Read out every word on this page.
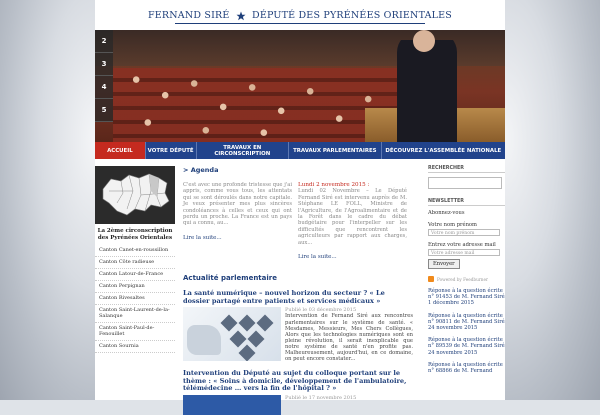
FERNAND SIRÉ DÉPUTÉ DES PYRÉNÉES ORIENTALES
2
3
4
5
ACCUEIL	VOTRE DÉPUTÉ	TRAVAUX EN CIRCONSCRIPTION	TRAVAUX PARLEMENTAIRES	DÉCOUVREZ L'ASSEMBLÉE NATIONALE
La 2ème circonscription des Pyrénées Orientales
Canton Canet-en-roussillon
Canton Côte radieuse
Canton Latour-de-France
Canton Perpignan
Canton Rivesaltes
Canton Saint-Laurent-de-la-Salanque
Canton Saint-Paul-de-Fenouillet
Canton Sournia
> Agenda
C'est avec une profonde tristesse que j'ai appris, comme vous tous, les attentats qui se sont déroulés dans notre capitale. Je veux présenter mes plus sincères condoléances à celles et ceux qui ont perdu un proche. La France est un pays qui a connu, au...
Lire la suite...
Lundi 2 novembre 2015 :
Lundi 02 Novembre – Le Député Fernand Siré est intervenu auprès de M. Stéphane LE FOLL, Ministre de l'Agriculture, de l'Agroalimentaire et de la Forêt dans le cadre du débat budgétaire pour l'interpeller sur les difficultés que rencontrent les agriculteurs par rapport aux charges, aux...
Lire la suite...
Actualité parlementaire
La santé numérique – nouvel horizon du secteur ? « Le dossier partagé entre patients et services médicaux »
Publié le 03 décembre 2015
Intervention de Fernand Siré aux rencontres parlementaires sur le système de santé. « Mesdames, Messieurs, Mes Chers Collègues, Alors que les technologies numériques sont en pleine révolution, il serait inexplicable que notre système de santé n'en profite pas. Malheureusement, aujourd'hui, en ce domaine, on peut encore constater...
Intervention du Député au sujet du colloque portant sur le thème : « Soins à domicile, développement de l'ambulatoire, télémédecine … vers la fin de l'hôpital ? »
Publié le 17 novembre 2015
RECHERCHER
NEWSLETTER
Abonnez-vous
Votre nom prénom
Votre nom prénom
Entrez votre adresse mail
Votre adresse mail
Envoyer
Powered by Feedburner
Réponse à la question écrite n° 91453 de M. Fernand Siré
1 décembre 2015
Réponse à la question écrite n° 90811 de M. Fernand Siré
24 novembre 2015
Réponse à la question écrite n° 89539 de M. Fernand Siré
24 novembre 2015
Réponse à la question écrite n° 68866 de M. Fernand
